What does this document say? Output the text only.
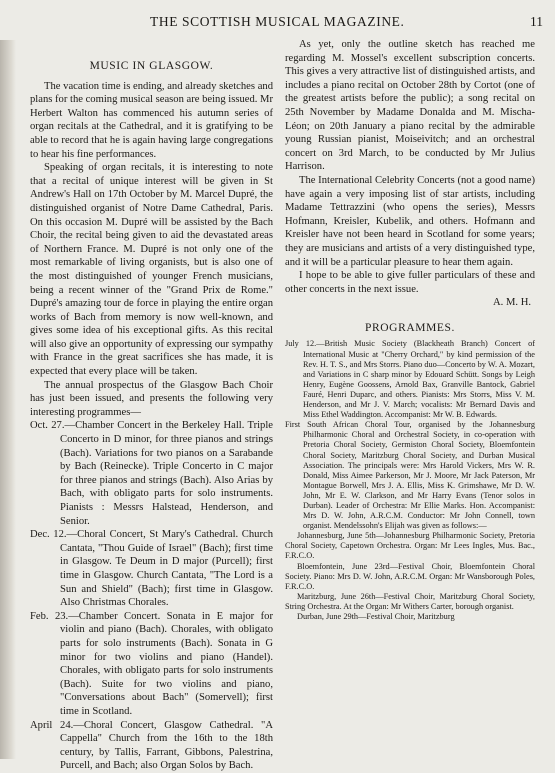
THE SCOTTISH MUSICAL MAGAZINE.	11
MUSIC IN GLASGOW.

The vacation time is ending, and already sketches and plans for the coming musical season are being issued. Mr Herbert Walton has commenced his autumn series of organ recitals at the Cathedral, and it is gratifying to be able to record that he is again having large congregations to hear his fine performances.

Speaking of organ recitals, it is interesting to note that a recital of unique interest will be given in St Andrew's Hall on 17th October by M. Marcel Dupré, the distinguished organist of Notre Dame Cathedral, Paris. On this occasion M. Dupré will be assisted by the Bach Choir, the recital being given to aid the devastated areas of Northern France. M. Dupré is not only one of the most remarkable of living organists, but is also one of the most distinguished of younger French musicians, being a recent winner of the "Grand Prix de Rome." Dupré's amazing tour de force in playing the entire organ works of Bach from memory is now well-known, and gives some idea of his exceptional gifts. As this recital will also give an opportunity of expressing our sympathy with France in the great sacrifices she has made, it is expected that every place will be taken.

The annual prospectus of the Glasgow Bach Choir has just been issued, and presents the following very interesting programmes—

Oct. 27.—Chamber Concert in the Berkeley Hall. Triple Concerto in D minor, for three pianos and strings (Bach). Variations for two pianos on a Sarabande by Bach (Reinecke). Triple Concerto in C major for three pianos and strings (Bach). Also Arias by Bach, with obligato parts for solo instruments. Pianists : Messrs Halstead, Henderson, and Senior.
Dec. 12.—Choral Concert, St Mary's Cathedral. Church Cantata, "Thou Guide of Israel" (Bach); first time in Glasgow. Te Deum in D major (Purcell); first time in Glasgow. Church Cantata, "The Lord is a Sun and Shield" (Bach); first time in Glasgow. Also Christmas Chorales.
Feb. 23.—Chamber Concert. Sonata in E major for violin and piano (Bach). Chorales, with obligato parts for solo instruments (Bach). Sonata in G minor for two violins and piano (Handel). Chorales, with obligato parts for solo instruments (Bach). Suite for two violins and piano, "Conversations about Bach" (Somervell); first time in Scotland.
April 24.—Choral Concert, Glasgow Cathedral. "A Cappella" Church from the 16th to the 18th century, by Tallis, Farrant, Gibbons, Palestrina, Purcell, and Bach; also Organ Solos by Bach.

As yet, only the outline sketch has reached me regarding M. Mossel's excellent subscription concerts. This gives a very attractive list of distinguished artists, and includes a piano recital on October 28th by Cortot (one of the greatest artists before the public); a song recital on 25th November by Madame Donalda and M. Mischa-Léon; on 20th January a piano recital by the admirable young Russian pianist, Moiseivitch; and an orchestral concert on 3rd March, to be conducted by Mr Julius Harrison.

The International Celebrity Concerts (not a good name) have again a very imposing list of star artists, including Madame Tettrazzini (who opens the series), Messrs Hofmann, Kreisler, Kubelik, and others. Hofmann and Kreisler have not been heard in Scotland for some years; they are musicians and artists of a very distinguished type, and it will be a particular pleasure to hear them again.

I hope to be able to give fuller particulars of these and other concerts in the next issue.

A. M. H.
PROGRAMMES.
July 12.—British Music Society (Blackheath Branch) Concert of International Music at "Cherry Orchard," by kind permission of the Rev. H. T. S., and Mrs Storrs. Piano duo—Concerto by W. A. Mozart, and Variations in C sharp minor by Edouard Schütt. Songs by Leigh Henry, Eugène Goossens, Arnold Bax, Granville Bantock, Gabriel Fauré, Henri Duparc, and others. Pianists: Mrs Storrs, Miss V. M. Henderson, and Mr J. V. March; vocalists: Mr Bernard Davis and Miss Ethel Waddington. Accompanist: Mr W. B. Edwards.
First South African Choral Tour, organised by the Johannesburg Philharmonic Choral and Orchestral Society, in co-operation with Pretoria Choral Society, Germiston Choral Society, Bloemfontein Choral Society, Maritzburg Choral Society, and Durban Musical Association. The principals were: Mrs Harold Vickers, Mrs W. R. Donald, Miss Aimee Parkerson, Mr J. Moore, Mr Jack Paterson, Mr Montague Borwell, Mrs J. A. Ellis, Miss K. Grimshawe, Mr D. W. John, Mr E. W. Clarkson, and Mr Harry Evans (Tenor solos in Durban). Leader of Orchestra: Mr Ellie Marks. Hon. Accompanist: Mrs D. W. John, A.R.C.M. Conductor: Mr John Connell, town organist. Mendelssohn's Elijah was given as follows:—
Johannesburg, June 5th—Johannesburg Philharmonic Society, Pretoria Choral Society, Capetown Orchestra. Organ: Mr Lees Ingles, Mus. Bac., F.R.C.O.
Bloemfontein, June 23rd—Festival Choir, Bloemfontein Choral Society. Piano: Mrs D. W. John, A.R.C.M. Organ: Mr Wansborough Poles, F.R.C.O.
Maritzburg, June 26th—Festival Choir, Maritzburg Choral Society, String Orchestra. At the Organ: Mr Withers Carter, borough organist.
Durban, June 29th—Festival Choir, Maritzburg
